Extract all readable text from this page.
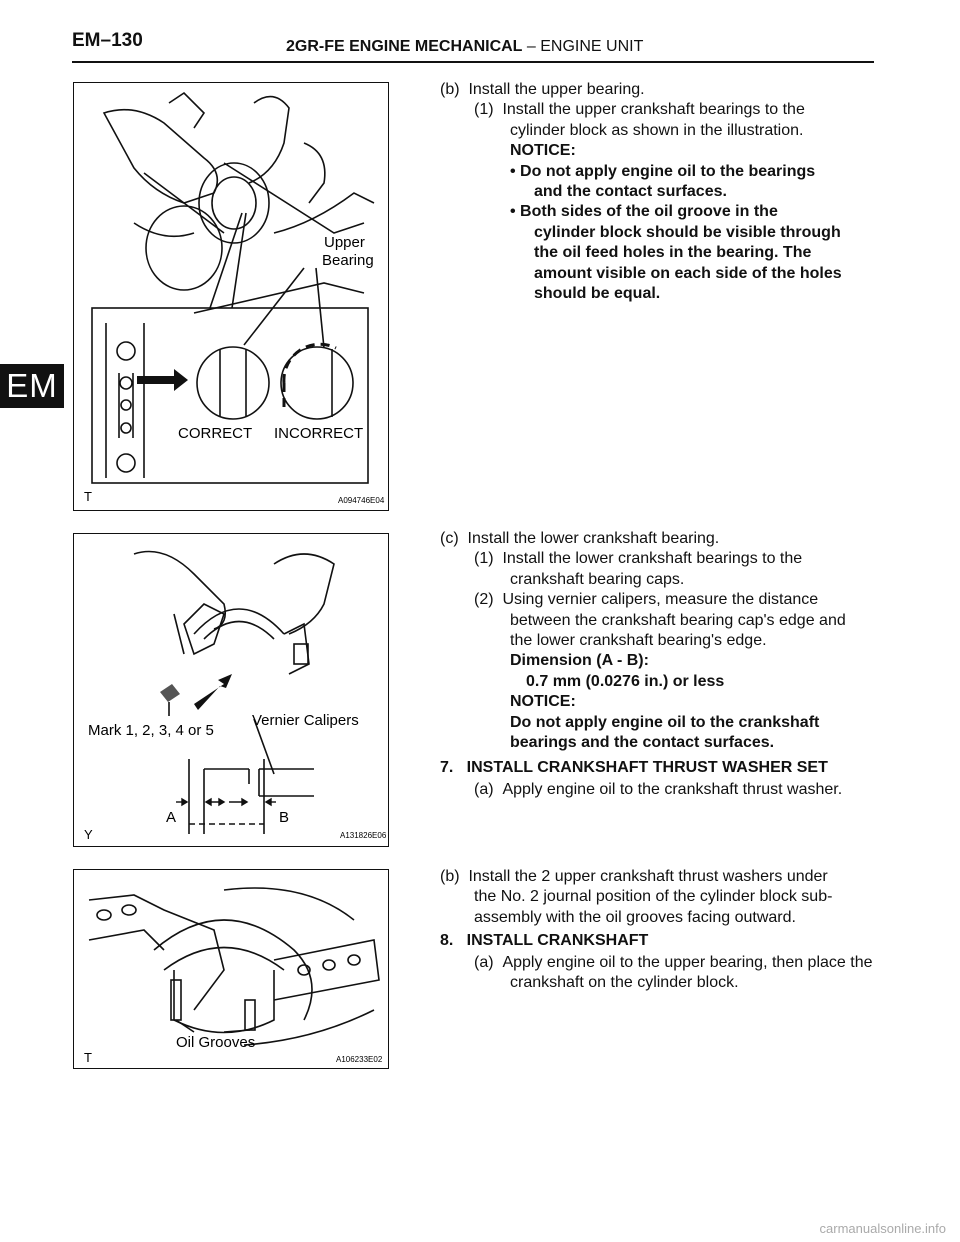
EM–130	2GR-FE ENGINE MECHANICAL – ENGINE UNIT
EM
Upper
Bearing
CORRECT INCORRECT
T	A094746E04
Mark 1, 2, 3, 4 or 5
Vernier Calipers
A	B
Y	A131826E06
Oil Grooves
T	A106233E02
(b)  Install the upper bearing.
(1)  Install the upper crankshaft bearings to the
cylinder block as shown in the illustration.
NOTICE:
• Do not apply engine oil to the bearings
and the contact surfaces.
• Both sides of the oil groove in the
cylinder block should be visible through
the oil feed holes in the bearing. The
amount visible on each side of the holes
should be equal.
(c)  Install the lower crankshaft bearing.
(1)  Install the lower crankshaft bearings to the
crankshaft bearing caps.
(2)  Using vernier calipers, measure the distance
between the crankshaft bearing cap's edge and
the lower crankshaft bearing's edge.
Dimension (A - B):
0.7 mm (0.0276 in.) or less
NOTICE:
Do not apply engine oil to the crankshaft
bearings and the contact surfaces.
7.   INSTALL CRANKSHAFT THRUST WASHER SET
(a)  Apply engine oil to the crankshaft thrust washer.
(b)  Install the 2 upper crankshaft thrust washers under
the No. 2 journal position of the cylinder block sub-
assembly with the oil grooves facing outward.
8.   INSTALL CRANKSHAFT
(a)  Apply engine oil to the upper bearing, then place the
crankshaft on the cylinder block.
carmanualsonline.info
